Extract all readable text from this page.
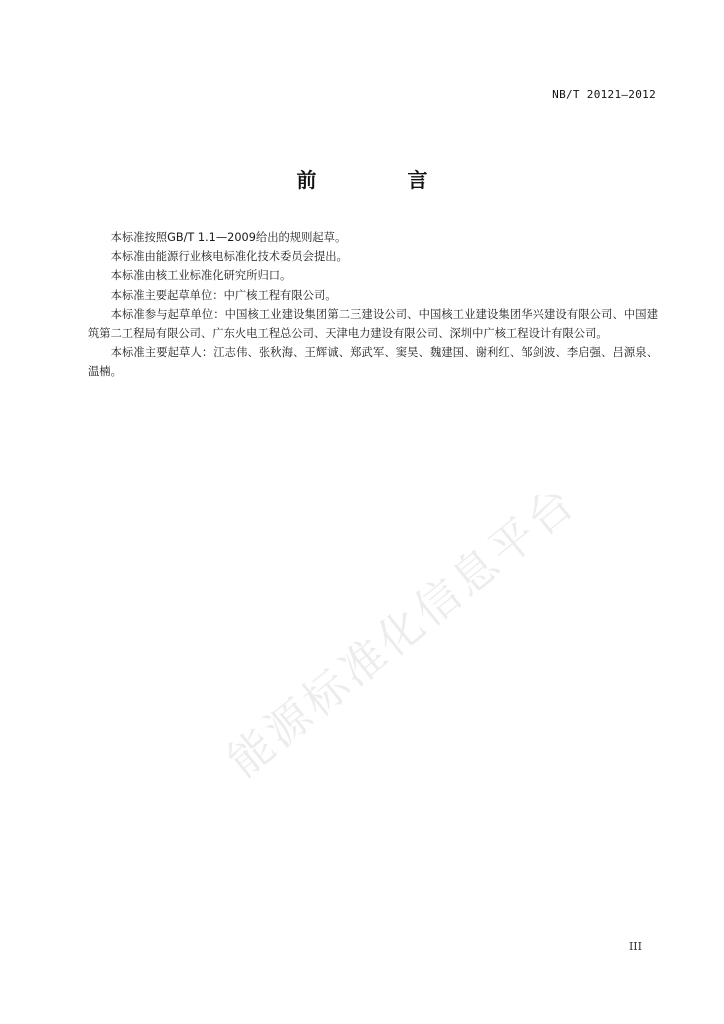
NB/T 20121—2012
前 言

本标准按照GB/T 1.1—2009给出的规则起草。

本标准由能源行业核电标准化技术委员会提出。

本标准由核工业标准化研究所归口。

本标准主要起草单位：中广核工程有限公司。

本标准参与起草单位：中国核工业建设集团第二三建设公司、中国核工业建设集团华兴建设有限公司、中国建筑第二工程局有限公司、广东火电工程总公司、天津电力建设有限公司、深圳中广核工程设计有限公司。

本标准主要起草人：江志伟、张秋海、王辉诚、郑武军、窦昊、魏建国、谢利红、邹剑波、李启强、吕源泉、温楠。

能源标准化信息平台
III
